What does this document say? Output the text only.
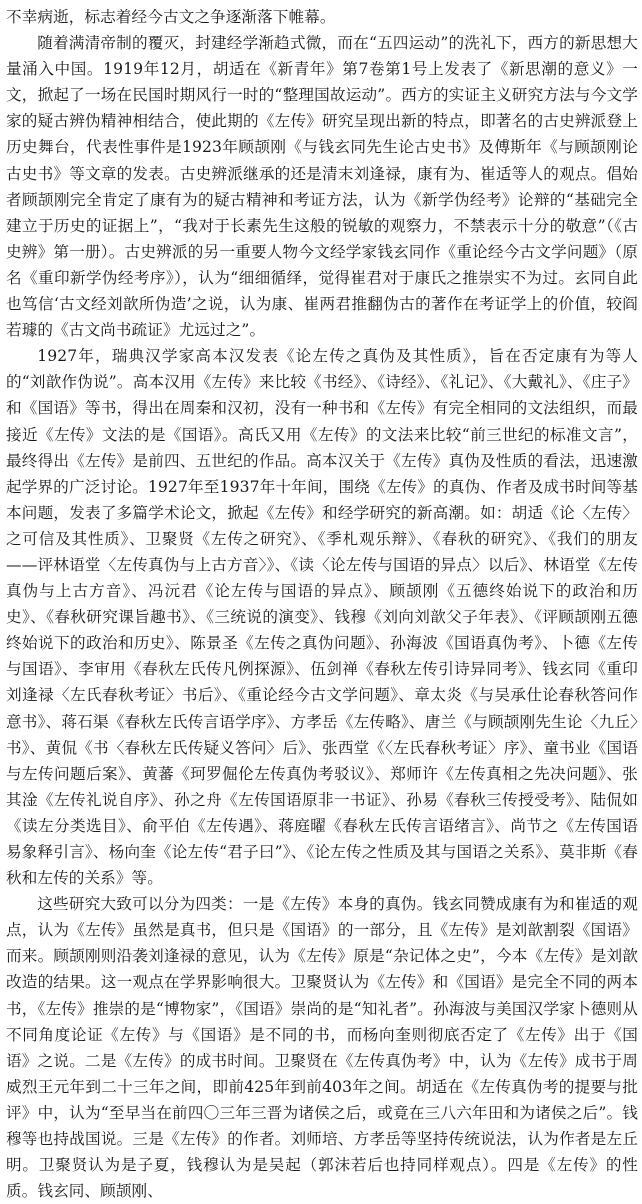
不幸病逝，标志着经今古文之争逐渐落下帷幕。

随着满清帝制的覆灭，封建经学渐趋式微，而在“五四运动”的洗礼下，西方的新思想大量涌入中国。1919年12月，胡适在《新青年》第7卷第1号上发表了《新思潮的意义》一文，掀起了一场在民国时期风行一时的“整理国故运动”。西方的实证主义研究方法与今文学家的疑古辨伪精神相结合，使此期的《左传》研究呈现出新的特点，即著名的古史辨派登上历史舞台，代表性事件是1923年顾颉刚《与钱玄同先生论古史书》及傅斯年《与顾颉刚论古史书》等文章的发表。古史辨派继承的还是清末刘逢禄，康有为、崔适等人的观点。倡始者顾颉刚完全肯定了康有为的疑古精神和考证方法，认为《新学伪经考》论辩的“基础完全建立于历史的证据上”，“我对于长素先生这般的锐敏的观察力，不禁表示十分的敬意”（《古史辨》第一册）。古史辨派的另一重要人物今文经学家钱玄同作《重论经今古文学问题》（原名《重印新学伪经考序》），认为“细细循绎，觉得崔君对于康氏之推崇实不为过。玄同自此也笃信‘古文经刘歆所伪造’之说，认为康、崔两君推翻伪古的著作在考证学上的价值，较阎若璩的《古文尚书疏证》尤远过之”。

1927年，瑞典汉学家高本汉发表《论左传之真伪及其性质》，旨在否定康有为等人的“刘歆作伪说”。高本汉用《左传》来比较《书经》、《诗经》、《礼记》、《大戴礼》、《庄子》和《国语》等书，得出在周秦和汉初，没有一种书和《左传》有完全相同的文法组织，而最接近《左传》文法的是《国语》。高氏又用《左传》的文法来比较“前三世纪的标准文言”，最终得出《左传》是前四、五世纪的作品。高本汉关于《左传》真伪及性质的看法，迅速激起学界的广泛讨论。1927年至1937年十年间，围绕《左传》的真伪、作者及成书时间等基本问题，发表了多篇学术论文，掀起《左传》和经学研究的新高潮。如：胡适《论〈左传〉之可信及其性质》、卫聚贤《左传之研究》、《季札观乐辩》、《春秋的研究》、《我们的朋友——评林语堂〈左传真伪与上古方音〉》、《读〈论左传与国语的异点〉以后》、林语堂《左传真伪与上古方音》、冯沅君《论左传与国语的异点》、顾颉刚《五德终始说下的政治和历史》、《春秋研究课旨趣书》、《三统说的演变》、钱穆《刘向刘歆父子年表》、《评顾颉刚五德终始说下的政治和历史》、陈景圣《左传之真伪问题》、孙海波《国语真伪考》、卜德《左传与国语》、李审用《春秋左氏传凡例探源》、伍剑禅《春秋左传引诗异同考》、钱玄同《重印刘逢禄〈左氏春秋考证〉书后》、《重论经今古文学问题》、章太炎《与吴承仕论春秋答问作意书》、蒋石渠《春秋左氏传言语学序》、方孝岳《左传略》、唐兰《与顾颉刚先生论〈九丘〉书》、黄侃《书〈春秋左氏传疑义答问〉后》、张西堂《〈左氏春秋考证〉序》、童书业《国语与左传问题后案》、黄蕃《珂罗倔伦左传真伪考驳议》、郑师许《左传真相之先决问题》、张其淦《左传礼说自序》、孙之舟《左传国语原非一书证》、孙易《春秋三传授受考》、陆侃如《读左分类选目》、俞平伯《左传遇》、蒋庭曜《春秋左氏传言语绪言》、尚节之《左传国语易象释引言》、杨向奎《论左传“君子曰”》、《论左传之性质及其与国语之关系》、莫非斯《春秋和左传的关系》等。

这些研究大致可以分为四类：一是《左传》本身的真伪。钱玄同赞成康有为和崔适的观点，认为《左传》虽然是真书，但只是《国语》的一部分，且《左传》是刘歆割裂《国语》而来。顾颉刚则沿袭刘逢禄的意见，认为《左传》原是“杂记体之史”，今本《左传》是刘歆改造的结果。这一观点在学界影响很大。卫聚贤认为《左传》和《国语》是完全不同的两本书，《左传》推崇的是“博物家”，《国语》崇尚的是“知礼者”。孙海波与美国汉学家卜德则从不同角度论证《左传》与《国语》是不同的书，而杨向奎则彻底否定了《左传》出于《国语》之说。二是《左传》的成书时间。卫聚贤在《左传真伪考》中，认为《左传》成书于周威烈王元年到二十三年之间，即前425年到前403年之间。胡适在《左传真伪考的提要与批评》中，认为“至早当在前四〇三年三晋为诸侯之后，或竟在三八六年田和为诸侯之后”。钱穆等也持战国说。三是《左传》的作者。刘师培、方孝岳等坚持传统说法，认为作者是左丘明。卫聚贤认为是子夏，钱穆认为是吴起（郭沫若后也持同样观点）。四是《左传》的性质。钱玄同、顾颉刚、
